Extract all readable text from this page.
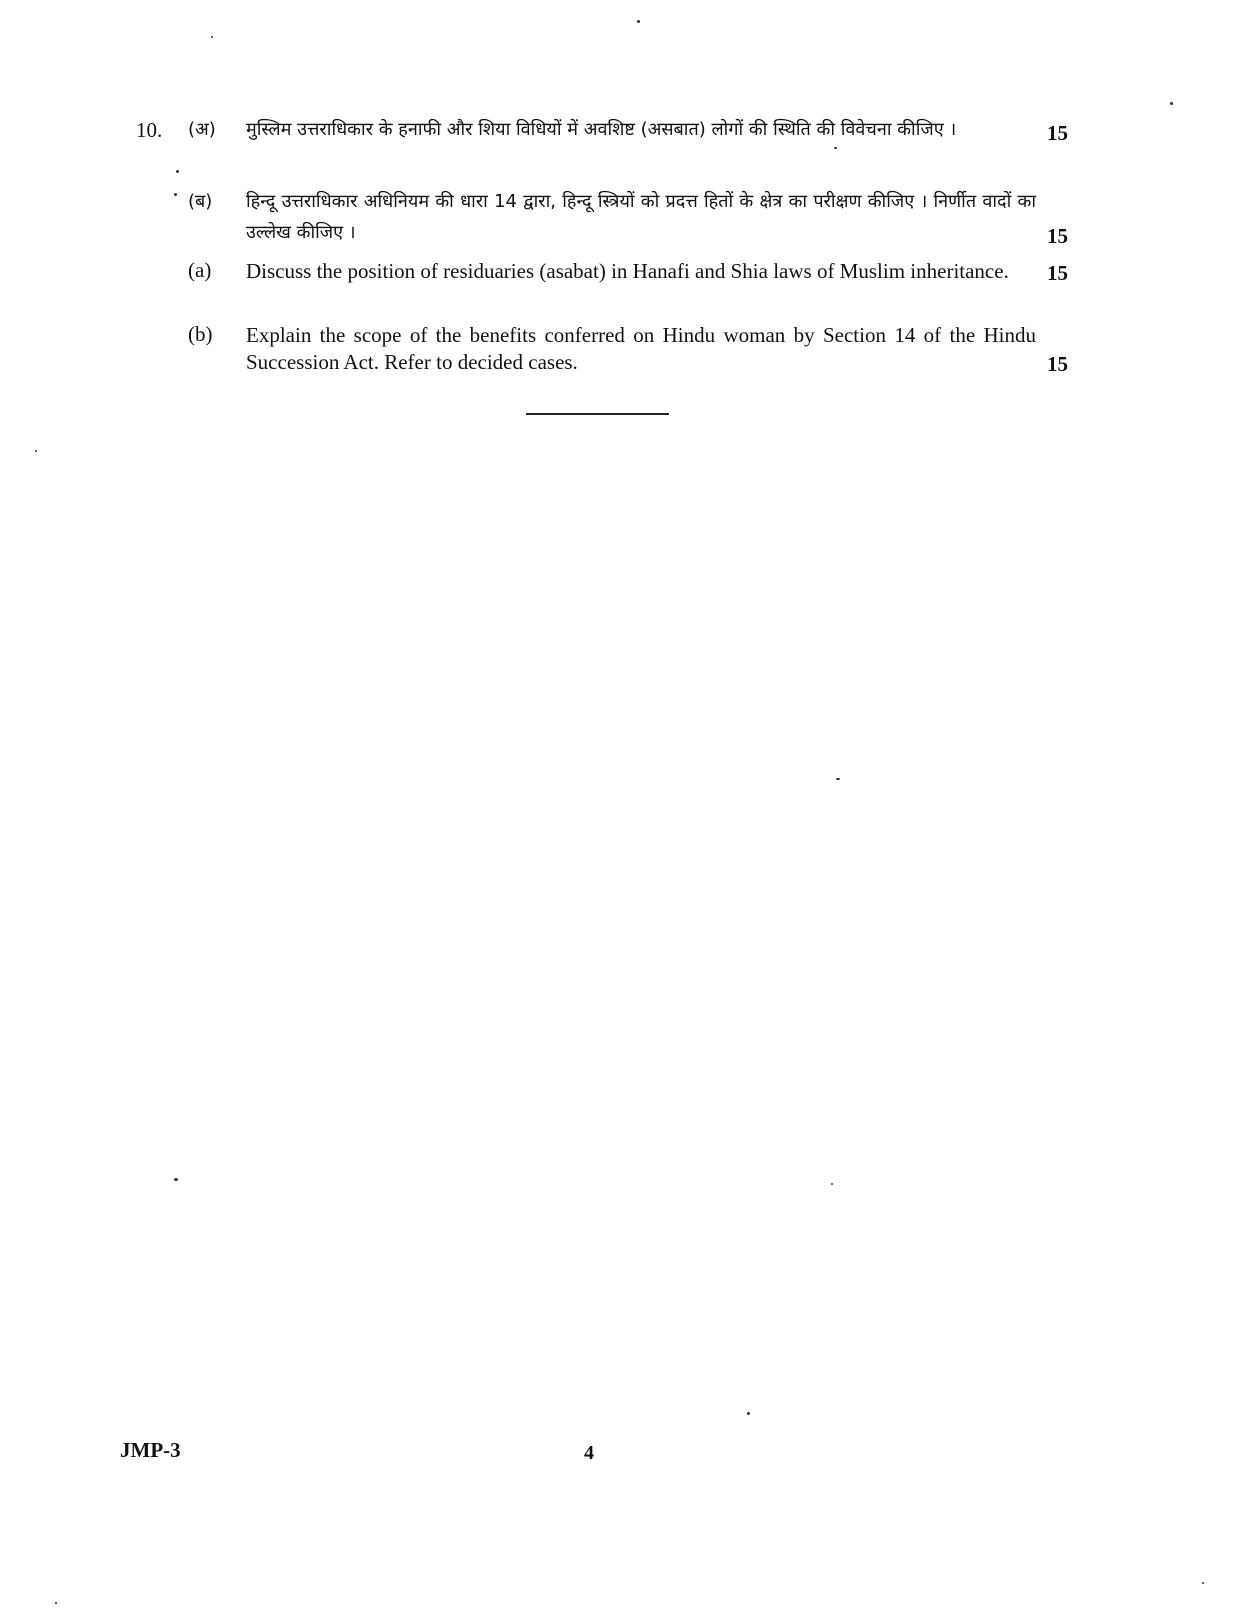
10. (अ)	मुस्लिम उत्तराधिकार के हनाफी और शिया विधियों में अवशिष्ट (असबात) लोगों की स्थिति की विवेचना कीजिए ।	15
(ब)	हिन्दू उत्तराधिकार अधिनियम की धारा 14 द्वारा, हिन्दू स्त्रियों को प्रदत्त हितों के क्षेत्र का परीक्षण कीजिए । निर्णीत वादों का उल्लेख कीजिए ।	15
(a)	Discuss the position of residuaries (asabat) in Hanafi and Shia laws of Muslim inheritance.	15
(b)	Explain the scope of the benefits conferred on Hindu woman by Section 14 of the Hindu Succession Act. Refer to decided cases.	15
JMP-3	4
